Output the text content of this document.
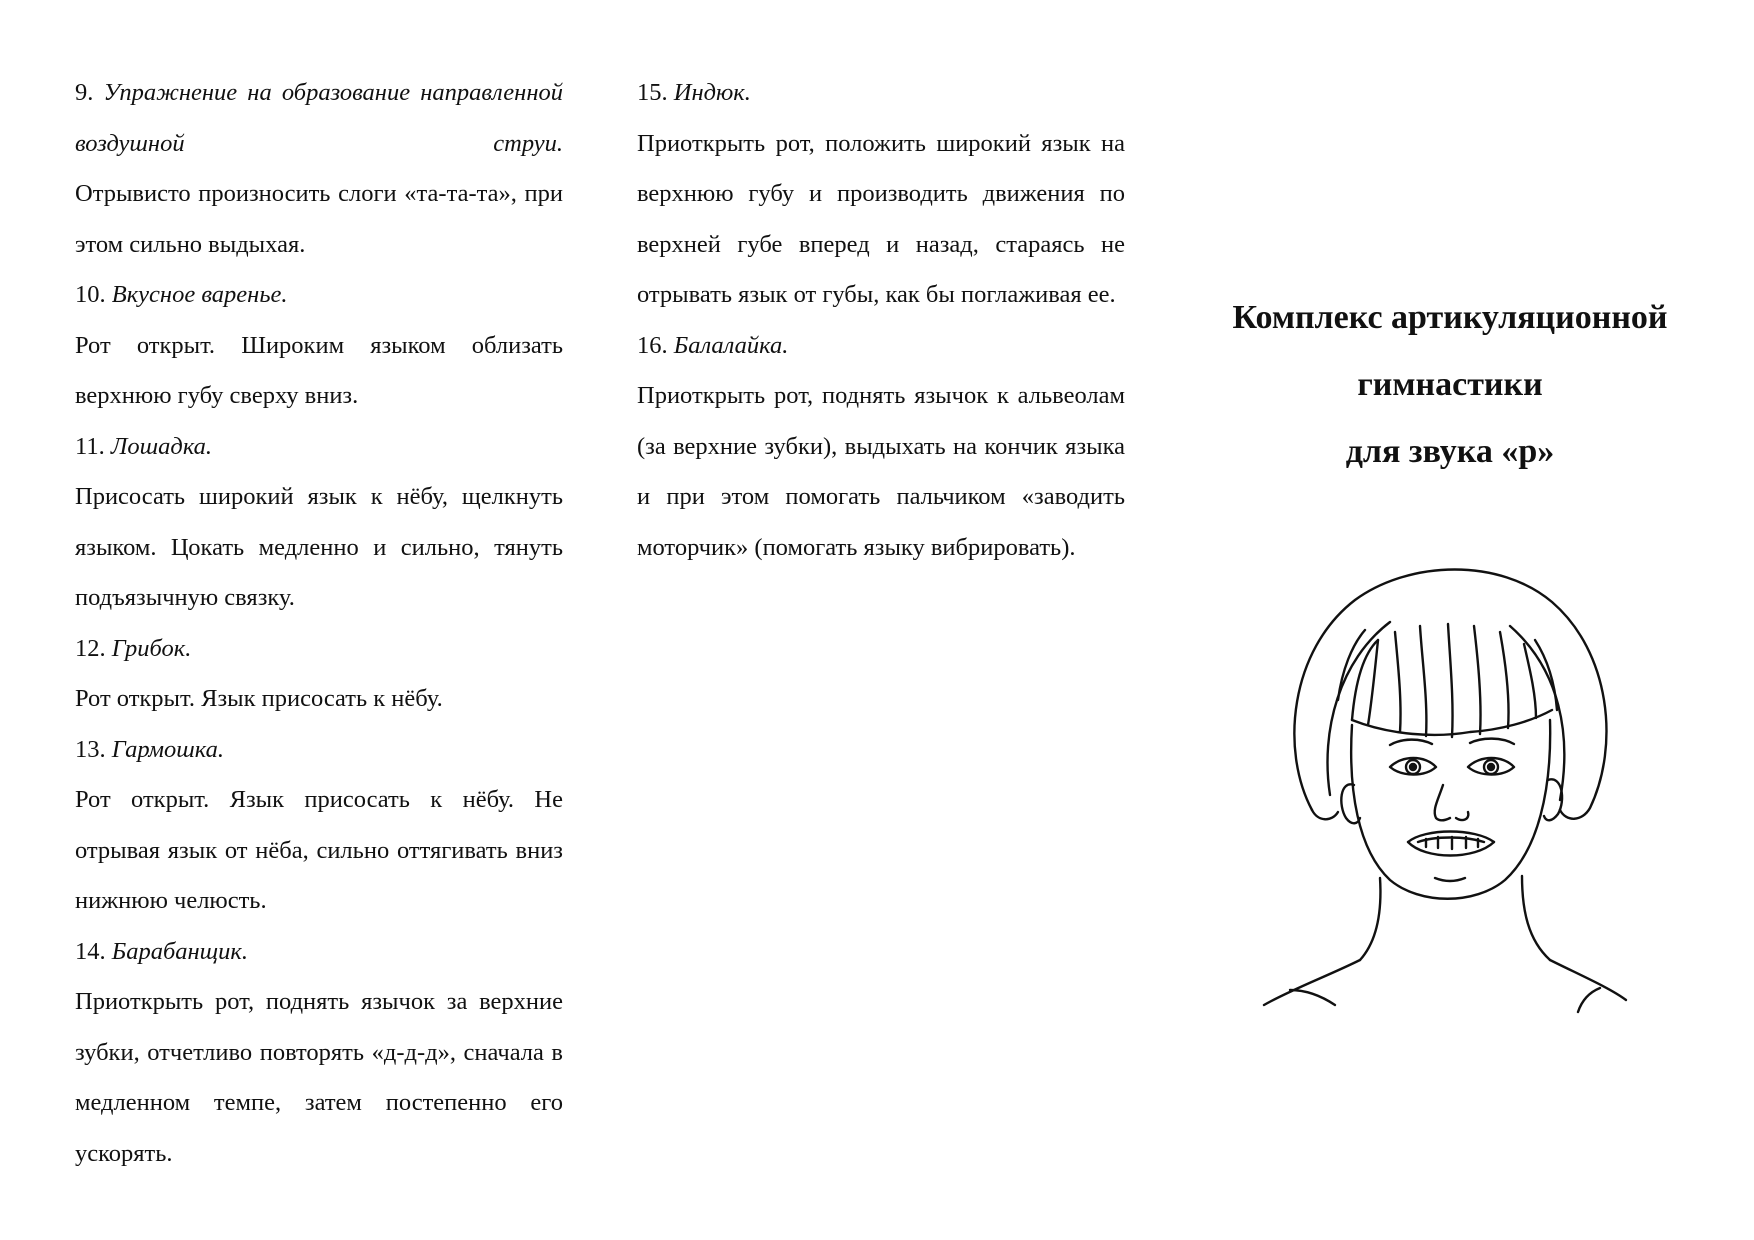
9. Упражнение на образование направленной воздушной струи.

Отрывисто произносить слоги «та-та-та», при этом сильно выдыхая.

10. Вкусное варенье.

Рот открыт. Широким языком облизать верхнюю губу сверху вниз.

11. Лошадка.

Присосать широкий язык к нёбу, щелкнуть языком. Цокать медленно и сильно, тянуть подъязычную связку.

12. Грибок.

Рот открыт. Язык присосать к нёбу.

13. Гармошка.

Рот открыт. Язык присосать к нёбу. Не отрывая язык от нёба, сильно оттягивать вниз нижнюю челюсть.

14. Барабанщик.

Приоткрыть рот, поднять язычок за верхние зубки, отчетливо повторять «д-д-д», сначала в медленном темпе, затем постепенно его ускорять.

15. Индюк.

Приоткрыть рот, положить широкий язык на верхнюю губу и производить движения по верхней губе вперед и назад, стараясь не отрывать язык от губы, как бы поглаживая ее.

16. Балалайка.

Приоткрыть рот, поднять язычок к альвеолам (за верхние зубки), выдыхать на кончик языка и при этом помогать пальчиком «заводить моторчик» (помогать языку вибрировать).

Комплекс артикуляционной
гимнастики
для звука «р»
